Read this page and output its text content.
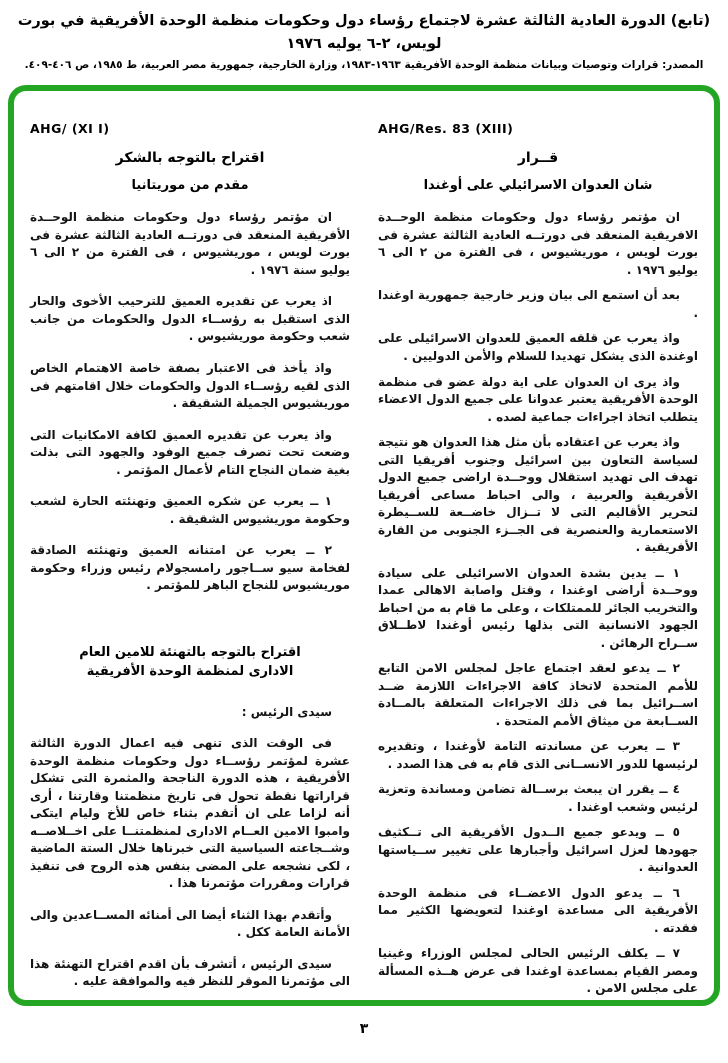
(تابع) الدورة العادية الثالثة عشرة لاجتماع رؤساء دول وحكومات منظمة الوحدة الأفريقية في بورت لويس، ٢-٦ يوليه ١٩٧٦
المصدر: قرارات وتوصيات وبيانات منظمة الوحدة الأفريقية ١٩٦٣-١٩٨٣، وزارة الخارجية، جمهورية مصر العربية، ط ١٩٨٥، ص ٤٠٦-٤٠٩.
AHG/Res. 83 (XIII)
قــرار
شان العدوان الاسرائيلي على أوغندا

ان مؤتمر رؤساء دول وحكومات منظمة الوحــدة الافريقية المنعقد فى دورتــه العادية الثالثة عشرة فى بورت لويس ، موريشيوس ، فى الفترة من ٢ الى ٦ يوليو ١٩٧٦ .

بعد أن استمع الى بيان وزير خارجية جمهورية اوغندا .

واذ يعرب عن قلقه العميق للعدوان الاسرائيلى على اوغندة الذى يشكل تهديدا للسلام والأمن الدوليين .

واذ يرى ان العدوان على اية دولة عضو فى منظمة الوحدة الأفريقية يعتبر عدوانا على جميع الدول الاعضاء يتطلب اتخاذ اجراءات جماعية لصده .

واذ يعرب عن اعتقاده بأن مثل هذا العدوان هو نتيجة لسياسة التعاون بين اسرائيل وجنوب أفريقيا التى تهدف الى تهديد استقلال ووحــدة اراضى جميع الدول الأفريقية والعربية ، والى احباط مساعى أفريقيا لتحرير الأقاليم التى لا تــزال خاضــعة للســيطرة الاستعمارية والعنصرية فى الجــزء الجنوبى من القارة الأفريقية .

١ ــ يدين بشدة العدوان الاسرائيلى على سيادة ووحــدة أراضى اوغندا ، وقتل واصابة الاهالى عمدا والتخريب الجائر للممتلكات ، وعلى ما قام به من احباط الجهود الانسانية التى بذلها رئيس أوغندا لاطــلاق ســراح الرهائن .

٢ ــ يدعو لعقد اجتماع عاجل لمجلس الامن التابع للأمم المتحدة لاتخاذ كافة الاجراءات اللازمة ضــد اســرائيل بما فى ذلك الاجراءات المتعلقة بالمــادة الســابعة من ميثاق الأمم المتحدة .

٣ ــ يعرب عن مساندته التامة لأوغندا ، وتقديره لرئيسها للدور الانســانى الذى قام به فى هذا الصدد .

٤ ــ يقرر ان يبعث برســالة تضامن ومساندة وتعزية لرئيس وشعب اوغندا .

٥ ــ ويدعو جميع الــدول الأفريقية الى تــكثيف جهودها لعزل اسرائيل وأجبارها على تغيير ســياستها العدوانية .

٦ ــ يدعو الدول الاعضــاء فى منظمة الوحدة الأفريقية الى مساعدة اوغندا لتعويضها الكثير مما فقدته .

٧ ــ يكلف الرئيس الحالى لمجلس الوزراء وغينيا ومصر القيام بمساعدة اوغندا فى عرض هــذه المسألة على مجلس الامن .

AHG/ (XI I)
اقتراح بالتوجه بالشكر
مقدم من موريتانيا

ان مؤتمر رؤساء دول وحكومات منظمة الوحــدة الأفريقية المنعقد فى دورتــه العادية الثالثة عشرة فى بورت لويس ، موريشيوس ، فى الفترة من ٢ الى ٦ يوليو سنة ١٩٧٦ .

اذ يعرب عن تقديره العميق للترحيب الأخوى والحار الذى استقبل به رؤســاء الدول والحكومات من جانب شعب وحكومة موريشيوس .

واذ يأخذ فى الاعتبار بصفة خاصة الاهتمام الخاص الذى لقيه رؤســاء الدول والحكومات خلال اقامتهم فى موريشيوس الجميلة الشقيقة .

واذ يعرب عن تقديره العميق لكافة الامكانيات التى وضعت تحت تصرف جميع الوفود والجهود التى بذلت بغية ضمان النجاح التام لأعمال المؤتمر .

١ ــ يعرب عن شكره العميق وتهنئته الحارة لشعب وحكومة موريشيوس الشقيقة .

٢ ــ يعرب عن امتنانه العميق وتهنئته الصادقة لفخامة سيو ســاجور رامسجولام رئيس وزراء وحكومة موريشيوس للنجاح الباهر للمؤتمر .

اقتراح بالتوجه بالتهنئة للامين العام
الادارى لمنظمة الوحدة الأفريقية

سيدى الرئيس :

فى الوقت الذى تنهى فيه اعمال الدورة الثالثة عشرة لمؤتمر رؤســاء دول وحكومات منظمة الوحدة الأفريقية ، هذه الدورة الناجحة والمثمرة التى تشكل قراراتها نقطة تحول فى تاريخ منظمتنا وقارتنا ، أرى أنه لزاما على ان أتقدم بثناء خاص للأخ وليام ايتكى وامبوا الامين العــام الادارى لمنظمتنــا على اخــلاصــه وشــجاعته السياسية التى خبرناها خلال الستة الماضية ، لكى نشجعه على المضى بنفس هذه الروح فى تنفيذ قرارات ومقررات مؤتمرنا هذا .

وأتقدم بهذا الثناء أيضا الى أمنائه المســاعدين والى الأمانة العامة ككل .

سيدى الرئيس ، أتشرف بأن اقدم اقتراح التهنئة هذا الى مؤتمرنا الموقر للنظر فيه والموافقة عليه .

٣
